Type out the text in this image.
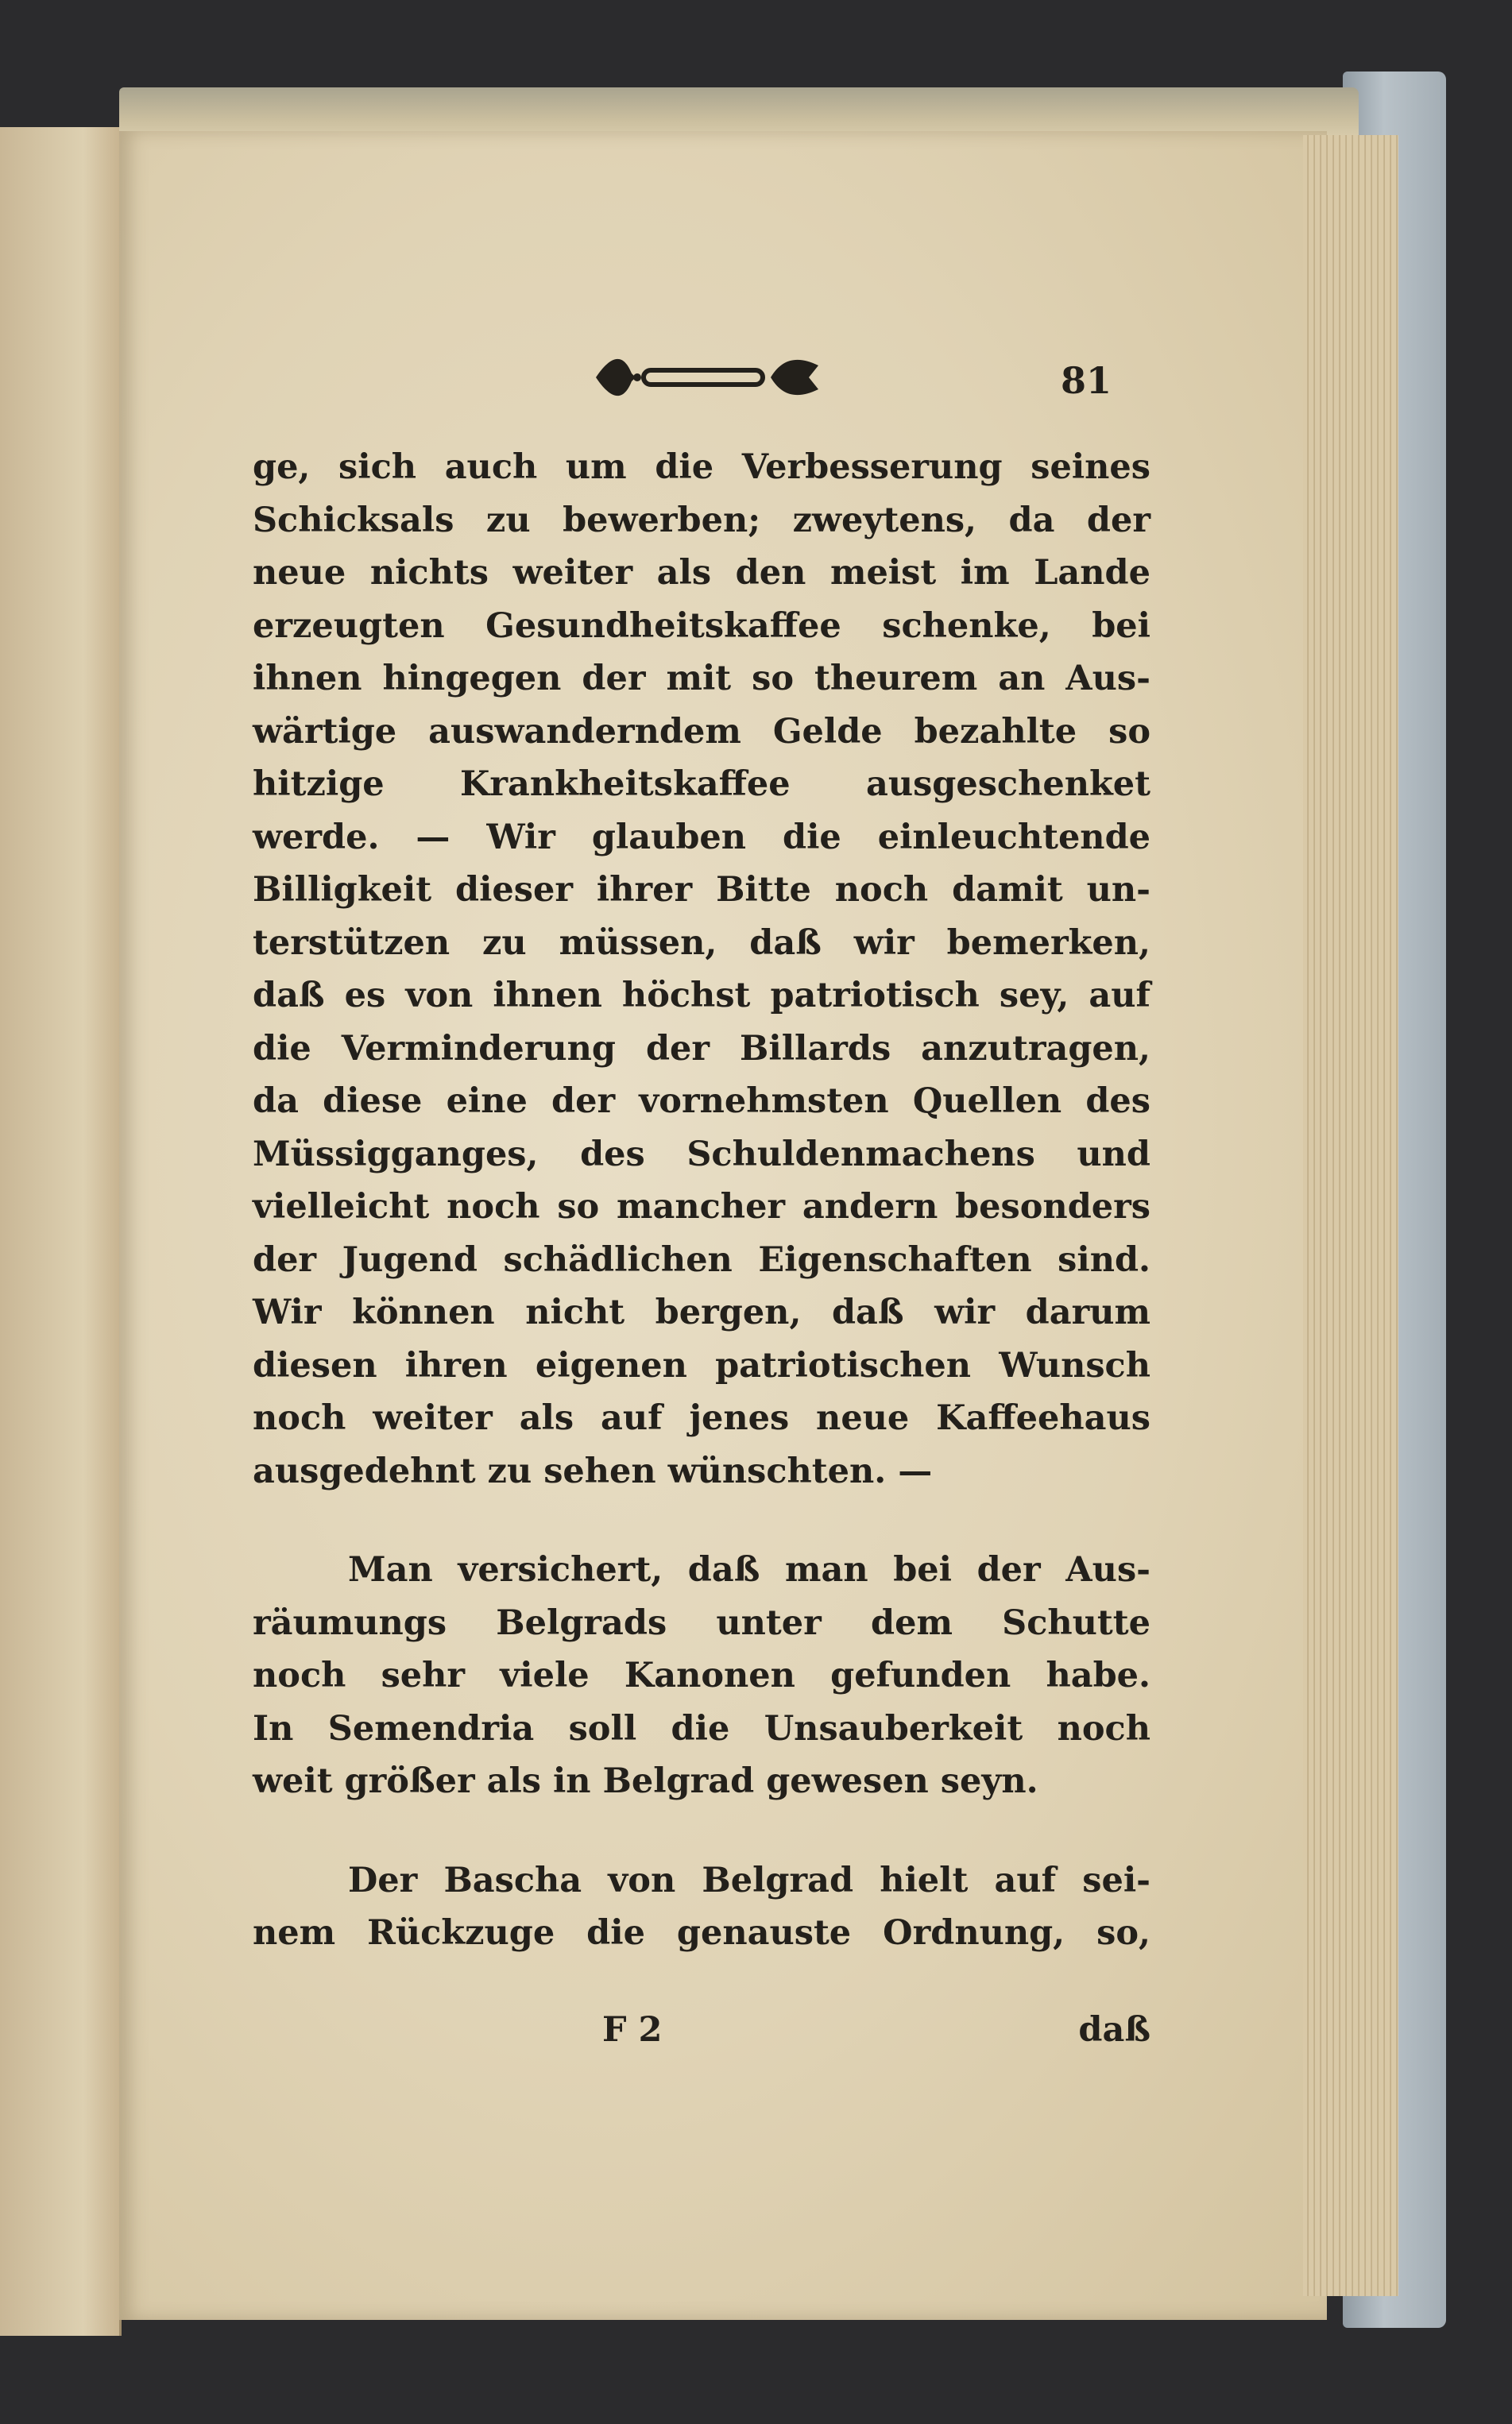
81
ge, sich auch um die Verbesserung seines
Schicksals zu bewerben; zweytens, da der
neue nichts weiter als den meist im Lande
erzeugten Gesundheitskaffee schenke, bei
ihnen hingegen der mit so theurem an Aus-
wärtige auswanderndem Gelde bezahlte so
hitzige Krankheitskaffee ausgeschenket
werde. — Wir glauben die einleuchtende
Billigkeit dieser ihrer Bitte noch damit un-
terstützen zu müssen, daß wir bemerken,
daß es von ihnen höchst patriotisch sey, auf
die Verminderung der Billards anzutragen,
da diese eine der vornehmsten Quellen des
Müssigganges, des Schuldenmachens und
vielleicht noch so mancher andern besonders
der Jugend schädlichen Eigenschaften sind.
Wir können nicht bergen, daß wir darum
diesen ihren eigenen patriotischen Wunsch
noch weiter als auf jenes neue Kaffeehaus
ausgedehnt zu sehen wünschten. —
Man versichert, daß man bei der Aus-
räumungs Belgrads unter dem Schutte
noch sehr viele Kanonen gefunden habe.
In Semendria soll die Unsauberkeit noch
weit größer als in Belgrad gewesen seyn.
Der Bascha von Belgrad hielt auf sei-
nem Rückzuge die genauste Ordnung, so,
F 2	daß
